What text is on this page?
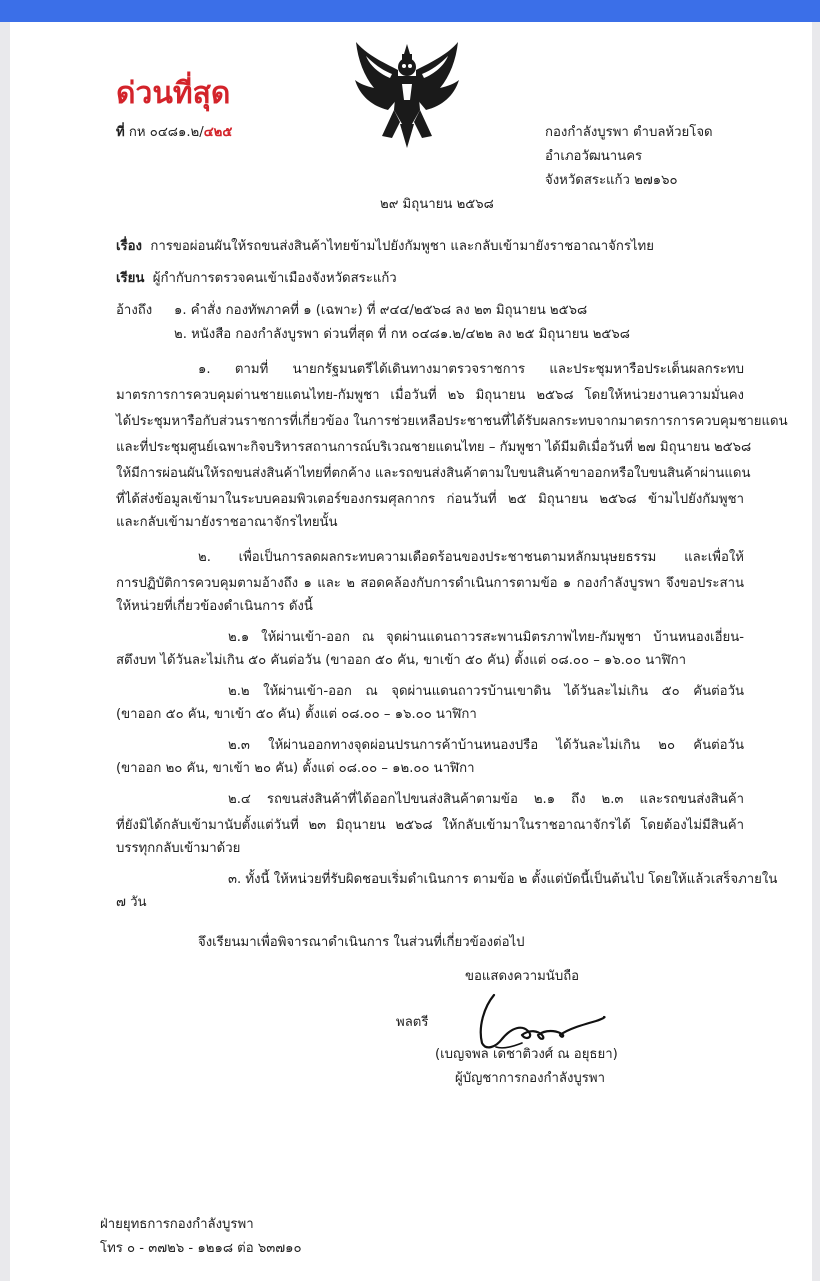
ด่วนที่สุด
ที่ กห ๐๔๘๑.๒/๔๒๕	กองกำลังบูรพา ตำบลห้วยโจด
อำเภอวัฒนานคร
จังหวัดสระแก้ว ๒๗๑๖๐
๒๙ มิถุนายน ๒๕๖๘
เรื่อง การขอผ่อนผันให้รถขนส่งสินค้าไทยข้ามไปยังกัมพูชา และกลับเข้ามายังราชอาณาจักรไทย
เรียน ผู้กำกับการตรวจคนเข้าเมืองจังหวัดสระแก้ว
อ้างถึง ๑. คำสั่ง กองทัพภาคที่ ๑ (เฉพาะ) ที่ ๙๔๔/๒๕๖๘ ลง ๒๓ มิถุนายน ๒๕๖๘
๒. หนังสือ กองกำลังบูรพา ด่วนที่สุด ที่ กห ๐๔๘๑.๒/๔๒๒ ลง ๒๕ มิถุนายน ๒๕๖๘
๑. ตามที่ นายกรัฐมนตรีได้เดินทางมาตรวจราชการ และประชุมหารือประเด็นผลกระทบ
มาตรการการควบคุมด่านชายแดนไทย-กัมพูชา เมื่อวันที่ ๒๖ มิถุนายน ๒๕๖๘ โดยให้หน่วยงานความมั่นคง
ได้ประชุมหารือกับส่วนราชการที่เกี่ยวข้อง ในการช่วยเหลือประชาชนที่ได้รับผลกระทบจากมาตรการการควบคุมชายแดน
และที่ประชุมศูนย์เฉพาะกิจบริหารสถานการณ์บริเวณชายแดนไทย – กัมพูชา ได้มีมติเมื่อวันที่ ๒๗ มิถุนายน ๒๕๖๘
ให้มีการผ่อนผันให้รถขนส่งสินค้าไทยที่ตกค้าง และรถขนส่งสินค้าตามใบขนสินค้าขาออกหรือใบขนสินค้าผ่านแดน
ที่ได้ส่งข้อมูลเข้ามาในระบบคอมพิวเตอร์ของกรมศุลกากร ก่อนวันที่ ๒๕ มิถุนายน ๒๕๖๘ ข้ามไปยังกัมพูชา
และกลับเข้ามายังราชอาณาจักรไทยนั้น
๒. เพื่อเป็นการลดผลกระทบความเดือดร้อนของประชาชนตามหลักมนุษยธรรม และเพื่อให้
การปฏิบัติการควบคุมตามอ้างถึง ๑ และ ๒ สอดคล้องกับการดำเนินการตามข้อ ๑ กองกำลังบูรพา จึงขอประสาน
ให้หน่วยที่เกี่ยวข้องดำเนินการ ดังนี้
๒.๑ ให้ผ่านเข้า-ออก ณ จุดผ่านแดนถาวรสะพานมิตรภาพไทย-กัมพูชา บ้านหนองเอี่ยน-
สตึงบท ได้วันละไม่เกิน ๕๐ คันต่อวัน (ขาออก ๕๐ คัน, ขาเข้า ๕๐ คัน) ตั้งแต่ ๐๘.๐๐ – ๑๖.๐๐ นาฬิกา
๒.๒ ให้ผ่านเข้า-ออก ณ จุดผ่านแดนถาวรบ้านเขาดิน ได้วันละไม่เกิน ๕๐ คันต่อวัน
(ขาออก ๕๐ คัน, ขาเข้า ๕๐ คัน) ตั้งแต่ ๐๘.๐๐ – ๑๖.๐๐ นาฬิกา
๒.๓ ให้ผ่านออกทางจุดผ่อนปรนการค้าบ้านหนองปรือ ได้วันละไม่เกิน ๒๐ คันต่อวัน
(ขาออก ๒๐ คัน, ขาเข้า ๒๐ คัน) ตั้งแต่ ๐๘.๐๐ – ๑๒.๐๐ นาฬิกา
๒.๔ รถขนส่งสินค้าที่ได้ออกไปขนส่งสินค้าตามข้อ ๒.๑ ถึง ๒.๓ และรถขนส่งสินค้า
ที่ยังมิได้กลับเข้ามานับตั้งแต่วันที่ ๒๓ มิถุนายน ๒๕๖๘ ให้กลับเข้ามาในราชอาณาจักรได้ โดยต้องไม่มีสินค้า
บรรทุกกลับเข้ามาด้วย
๓. ทั้งนี้ ให้หน่วยที่รับผิดชอบเริ่มดำเนินการ ตามข้อ ๒ ตั้งแต่บัดนี้เป็นต้นไป โดยให้แล้วเสร็จภายใน
๗ วัน
จึงเรียนมาเพื่อพิจารณาดำเนินการ ในส่วนที่เกี่ยวข้องต่อไป
ขอแสดงความนับถือ
พลตรี
(เบญจพล เดชาติวงศ์ ณ อยุธยา)
ผู้บัญชาการกองกำลังบูรพา
ฝ่ายยุทธการกองกำลังบูรพา
โทร ๐ - ๓๗๒๖ - ๑๒๑๘ ต่อ ๖๓๗๑๐
